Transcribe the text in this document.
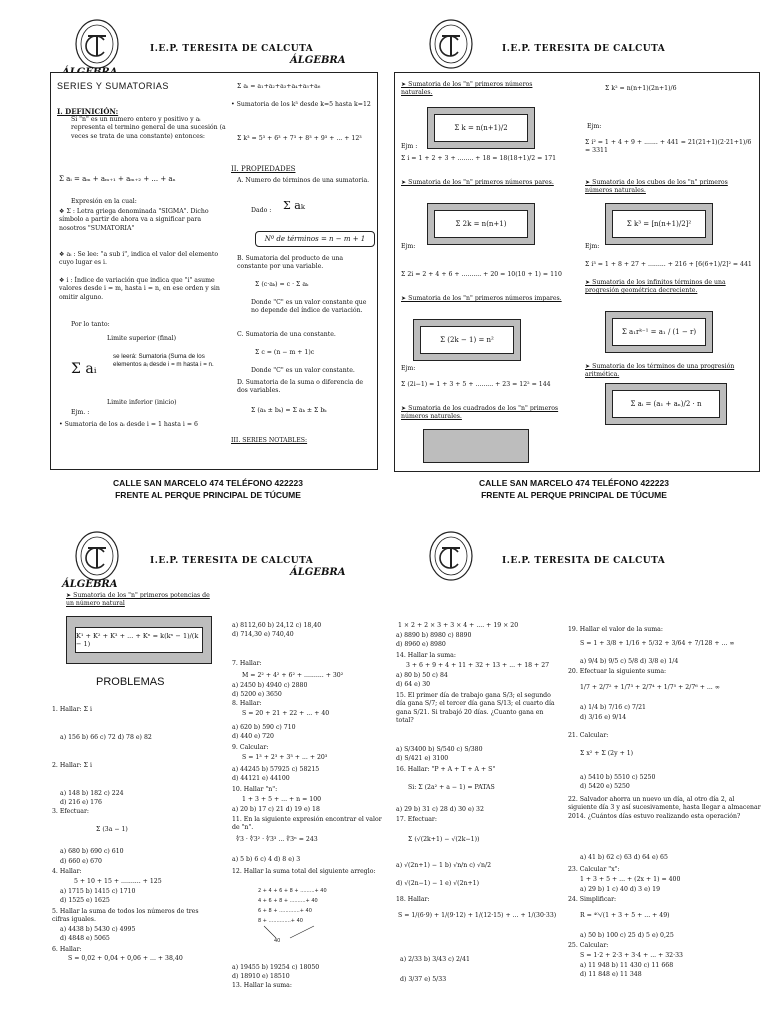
I.E.P. TERESITA DE CALCUTA
ÁLGEBRA
SERIES Y SUMATORIAS
I. DEFINICIÓN:
Si "n" es un numero entero y positivo y aᵢ representa el termino general de una sucesión (a veces se trata de una constante) entonces:
Σ aᵢ = aₘ + aₘ₊₁ + aₘ₊₂ + ... + aₙ
Expresión en la cual:
❖ Σ : Letra griega denominada "SIGMA". Dicho símbolo a partir de ahora va a significar para nosotros "SUMATORIA"
❖ aᵢ : Se lee: "a sub i", indica el valor del elemento cuyo lugar es i.
❖ i : Índice de variación que indica que "i" asume valores desde i = m, hasta i = n, en ese orden y sin omitir alguno.
Por lo tanto:
Limite superior (final)
Σ aᵢ
se leerá: Sumatoria (Suma de los elementos aᵢ desde i = m hasta i = n.
Limite inferior (inicio)
Ejm. :
• Sumatoria de los aᵢ desde i = 1 hasta i = 6
Σ aᵢ = a₁+a₂+a₃+a₄+a₅+a₆
• Sumatoria de los k³ desde k=5 hasta k=12
Σ k³ = 5³ + 6³ + 7³ + 8³ + 9³ + ... + 12³
II. PROPIEDADES
A. Numero de términos de una sumatoria.
Dado : Σ aₖ
Nº de términos = n − m + 1
B. Sumatoria del producto de una constante por una variable.
Σ (c·aₖ) = c · Σ aₖ
Donde "C" es un valor constante que no depende del índice de variación.
C. Sumatoria de una constante.
Σ c = (n − m + 1)c
Donde "C" es un valor constante.
D. Sumatoria de la suma o diferencia de dos variables.
Σ (aₖ ± bₖ) = Σ aₖ ± Σ bₖ
III. SERIES NOTABLES:
CALLE SAN MARCELO 474 TELÉFONO 422223
FRENTE AL PERQUE PRINCIPAL DE TÚCUME
I.E.P. TERESITA DE CALCUTA
➤ Sumatoria de los "n" primeros números naturales.
Σ k = n(n+1)/2
Ejm :
Σ i = 1 + 2 + 3 + ........ + 18 = 18(18+1)/2 = 171
Σ k² = n(n+1)(2n+1)/6
Ejm:
Σ i² = 1 + 4 + 9 + ....... + 441 = 21(21+1)(2·21+1)/6 = 3311
➤ Sumatoria de los "n" primeros números pares.
Σ 2k = n(n+1)
Ejm:
Σ 2i = 2 + 4 + 6 + .......... + 20 = 10(10 + 1) = 110
➤ Sumatoria de los cubos de los "n" primeros números naturales.
Σ k³ = [n(n+1)/2]²
Ejm:
Σ i³ = 1 + 8 + 27 + ......... + 216 + [6(6+1)/2]² = 441
➤ Sumatoria de los "n" primeros números impares.
Σ (2k − 1) = n²
Ejm:
Σ (2i−1) = 1 + 3 + 5 + ......... + 23 = 12² = 144
➤ Sumatoria de los infinitos términos de una progresión geométrica decreciente.
Σ a₁rᵏ⁻¹ = a₁ / (1 − r)
➤ Sumatoria de los cuadrados de los "n" primeros números naturales.
➤ Sumatoria de los términos de una progresión aritmética.
Σ aᵢ = (a₁ + aₙ)/2 · n
CALLE SAN MARCELO 474 TELÉFONO 422223
FRENTE AL PERQUE PRINCIPAL DE TÚCUME
I.E.P. TERESITA DE CALCUTA
ÁLGEBRA
ÁLGEBRA
➤ Sumatoria de los "n" primeros potencias de un número natural
K¹ + K² + K³ + ... + Kⁿ = k(kⁿ − 1)/(k − 1)
PROBLEMAS
1. Hallar: Σ i
a) 156 b) 66 c) 72 d) 78 e) 82
2. Hallar: Σ i
a) 148 b) 182 c) 224
d) 216 e) 176
3. Efectuar:
Σ (3a − 1)
a) 680 b) 690 c) 610
d) 660 e) 670
4. Hallar:
5 + 10 + 15 + .......... + 125
a) 1715 b) 1415 c) 1710
d) 1525 e) 1625
5. Hallar la suma de todos los números de tres cifras iguales.
a) 4438 b) 5430 c) 4995
d) 4848 e) 5065
6. Hallar:
S = 0,02 + 0,04 + 0,06 + ... + 38,40
a) 8112,60 b) 24,12 c) 18,40
d) 714,30 e) 740,40
7. Hallar:
M = 2² + 4² + 6² + .......... + 30²
a) 2450 b) 4940 c) 2880
d) 5200 e) 3650
8. Hallar:
S = 20 + 21 + 22 + ... + 40
a) 620 b) 590 c) 710
d) 440 e) 720
9. Calcular:
S = 1³ + 2³ + 3³ + ... + 20³
a) 44245 b) 57925 c) 58215
d) 44121 e) 44100
10. Hallar "n":
1 + 3 + 5 + ... + n = 100
a) 20 b) 17 c) 21 d) 19 e) 18
11. En la siguiente expresión encontrar el valor de "n".
∜3 · ∜3² · ∜3³ ... ∜3ⁿ = 243
a) 5 b) 6 c) 4 d) 8 e) 3
12. Hallar la suma total del siguiente arreglo:
2 + 4 + 6 + 8 + .........+ 40
4 + 6 + 8 + ..........+ 40
6 + 8 + .............+ 40
8 + ..............+ 40
40
a) 19455 b) 19254 c) 18050
d) 18910 e) 18510
13. Hallar la suma:
I.E.P. TERESITA DE CALCUTA
1 × 2 + 2 × 3 + 3 × 4 + .... + 19 × 20
a) 8890 b) 8980 c) 8890
d) 8960 e) 8980
14. Hallar la suma:
3 + 6 + 9 + 4 + 11 + 32 + 13 + ... + 18 + 27
a) 80 b) 50 c) 84
d) 64 e) 30
15. El primer día de trabajo gana S/3; el segundo día gana S/7; el tercer día gana S/13; el cuarto día gana S/21. Si trabajó 20 días. ¿Cuanto gana en total?
a) S/3400 b) S/540 c) S/380
d) S/421 e) 3100
16. Hallar: "P + A + T + A + S"
Si: Σ (2a² + a − 1) = PATAS
a) 29 b) 31 c) 28 d) 30 e) 32
17. Efectuar:
Σ (√(2k+1) − √(2k−1))
a) √(2n+1) − 1 b) √n/n c) √n/2
d) √(2n−1) − 1 e) √(2n+1)
18. Hallar:
S = 1/(6·9) + 1/(9·12) + 1/(12·15) + ... + 1/(30·33)
a) 2/33 b) 3/43 c) 2/41
d) 3/37 e) 5/33
19. Hallar el valor de la suma:
S = 1 + 3/8 + 1/16 + 5/32 + 3/64 + 7/128 + ... ∞
a) 9/4 b) 9/5 c) 5/8 d) 3/8 e) 1/4
20. Efectuar la siguiente suma:
1/7 + 2/7² + 1/7³ + 2/7⁴ + 1/7⁵ + 2/7⁶ + ... ∞
a) 1/4 b) 7/16 c) 7/21
d) 3/16 e) 9/14
21. Calcular:
Σ x² + Σ (2y + 1)
a) 5410 b) 5510 c) 5250
d) 5420 e) 5250
22. Salvador ahorra un nuevo un día, al otro día 2, al siguiente día 3 y así sucesivamente, hasta llegar a almacenar 2014. ¿Cuántos días estuvo realizando esta operación?
a) 41 b) 62 c) 63 d) 64 e) 65
23. Calcular "x":
1 + 3 + 5 + ... + (2x + 1) = 400
a) 29 b) 1 c) 40 d) 3 e) 19
24. Simplificar:
R = ⁴⁰√(1 + 3 + 5 + ... + 49)
a) 50 b) 100 c) 25 d) 5 e) 0,25
25. Calcular:
S = 1·2 + 2·3 + 3·4 + ... + 32·33
a) 11 948 b) 11 430 c) 11 668
d) 11 848 e) 11 348
